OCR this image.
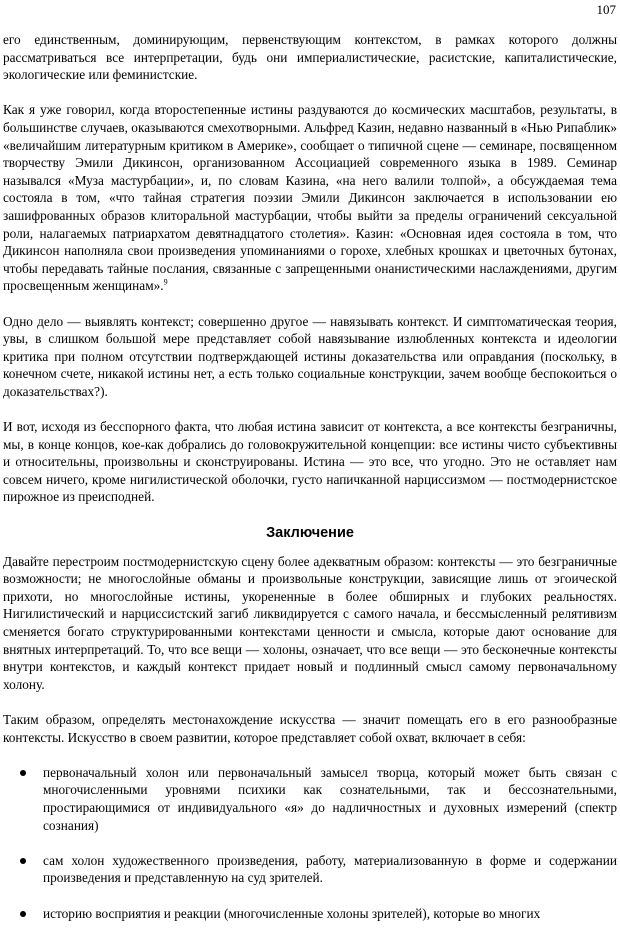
107

его единственным, доминирующим, первенствующим контекстом, в рамках которого должны рассматриваться все интерпретации, будь они империалистические, расистские, капиталистические, экологические или феминистские.

Как я уже говорил, когда второстепенные истины раздуваются до космических масштабов, результаты, в большинстве случаев, оказываются смехотворными. Альфред Казин, недавно названный в «Нью Рипаблик» «величайшим литературным критиком в Америке», сообщает о типичной сцене — семинаре, посвященном творчеству Эмили Дикинсон, организованном Ассоциацией современного языка в 1989. Семинар назывался «Муза мастурбации», и, по словам Казина, «на него валили толпой», а обсуждаемая тема состояла в том, «что тайная стратегия поэзии Эмили Дикинсон заключается в использовании ею зашифрованных образов клиторальной мастурбации, чтобы выйти за пределы ограничений сексуальной роли, налагаемых патриархатом девятнадцатого столетия». Казин: «Основная идея состояла в том, что Дикинсон наполняла свои произведения упоминаниями о горохе, хлебных крошках и цветочных бутонах, чтобы передавать тайные послания, связанные с запрещенными онанистическими наслаждениями, другим просвещенным женщинам».$^9$

Одно дело — выявлять контекст; совершенно другое — навязывать контекст. И симптоматическая теория, увы, в слишком большой мере представляет собой навязывание излюбленных контекста и идеологии критика при полном отсутствии подтверждающей истины доказательства или оправдания (поскольку, в конечном счете, никакой истины нет, а есть только социальные конструкции, зачем вообще беспокоиться о доказательствах?).

И вот, исходя из бесспорного факта, что любая истина зависит от контекста, а все контексты безграничны, мы, в конце концов, кое-как добрались до головокружительной концепции: все истины чисто субъективны и относительны, произвольны и сконструированы. Истина — это все, что угодно. Это не оставляет нам совсем ничего, кроме нигилистической оболочки, густо напичканной нарциссизмом — постмодернистское пирожное из преисподней.

Заключение

Давайте перестроим постмодернистскую сцену более адекватным образом: контексты — это безграничные возможности; не многослойные обманы и произвольные конструкции, зависящие лишь от эгоической прихоти, но многослойные истины, укорененные в более обширных и глубоких реальностях. Нигилистический и нарциссистский загиб ликвидируется с самого начала, и бессмысленный релятивизм сменяется богато структурированными контекстами ценности и смысла, которые дают основание для внятных интерпретаций. То, что все вещи — холоны, означает, что все вещи — это бесконечные контексты внутри контекстов, и каждый контекст придает новый и подлинный смысл самому первоначальному холону.

Таким образом, определять местонахождение искусства — значит помещать его в его разнообразные контексты. Искусство в своем развитии, которое представляет собой охват, включает в себя:

первоначальный холон или первоначальный замысел творца, который может быть связан с многочисленными уровнями психики как сознательными, так и бессознательными, простирающимися от индивидуального «я» до надличностных и духовных измерений (спектр сознания)
сам холон художественного произведения, работу, материализованную в форме и содержании произведения и представленную на суд зрителей.
историю восприятия и реакции (многочисленные холоны зрителей), которые во многих
